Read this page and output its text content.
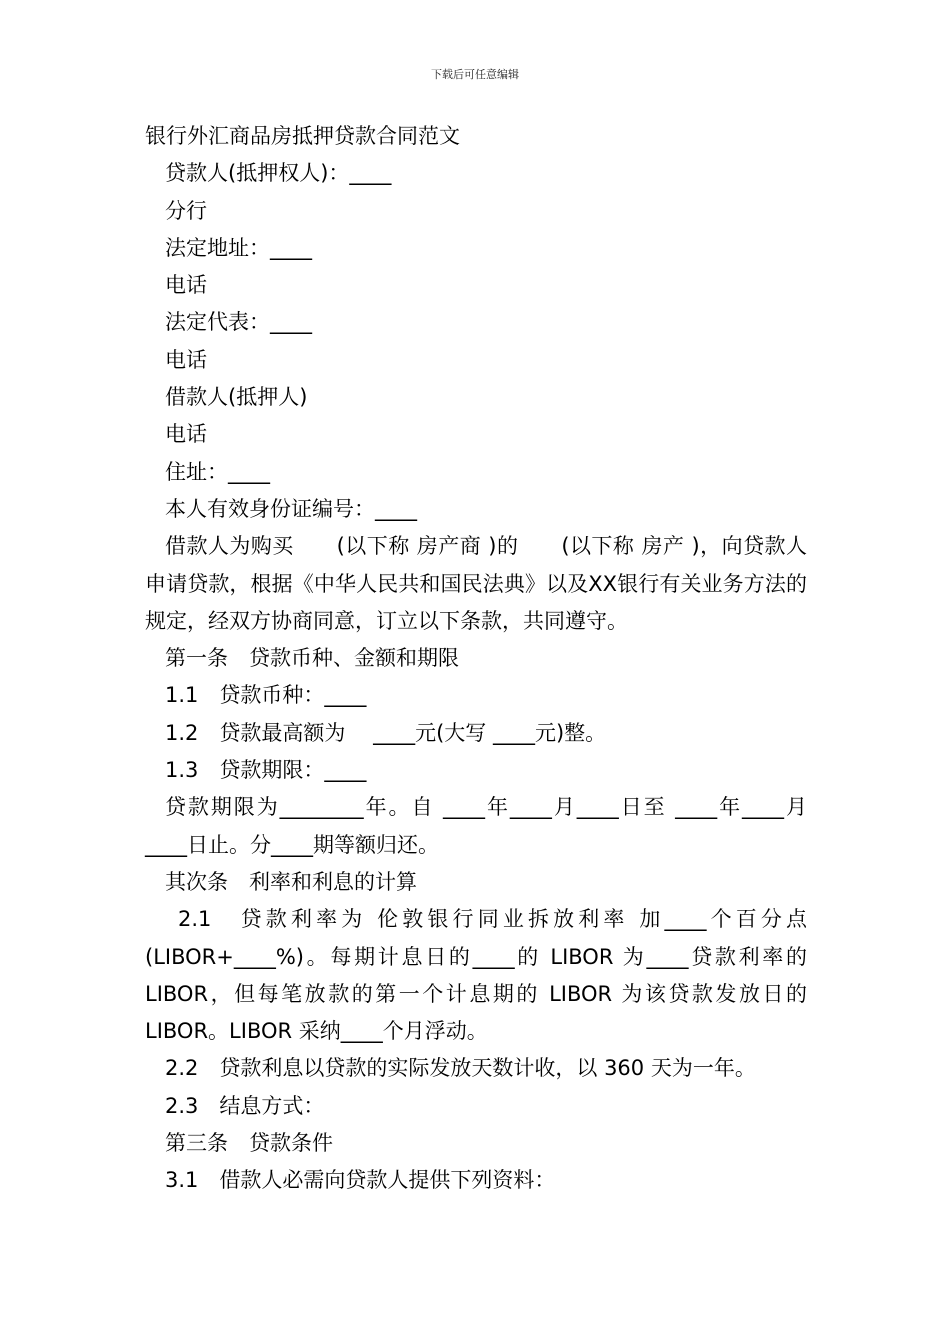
下载后可任意编辑

银行外汇商品房抵押贷款合同范文

贷款人(抵押权人)：____

分行

法定地址：____

电话

法定代表：____

电话

借款人(抵押人)

电话

住址：____

本人有效身份证编号：____

借款人为购买　　(以下称 房产商 )的　　(以下称 房产 )，向贷款人申请贷款，根据《中华人民共和国民法典》以及XX银行有关业务方法的规定，经双方协商同意，订立以下条款，共同遵守。

第一条　贷款币种、金额和期限

1.1　贷款币种：____

1.2　贷款最高额为　 ____元(大写 ____元)整。

1.3　贷款期限：____

贷款期限为________年。自 ____年____月____日至 ____年____月____日止。分____期等额归还。

其次条　利率和利息的计算

2.1　贷款利率为 伦敦银行同业拆放利率 加____个百分点(LIBOR+____%)。每期计息日的____的 LIBOR 为____贷款利率的LIBOR，但每笔放款的第一个计息期的 LIBOR 为该贷款发放日的LIBOR。LIBOR 采纳____个月浮动。

2.2　贷款利息以贷款的实际发放天数计收，以 360 天为一年。

2.3　结息方式：

第三条　贷款条件

3.1　借款人必需向贷款人提供下列资料：
